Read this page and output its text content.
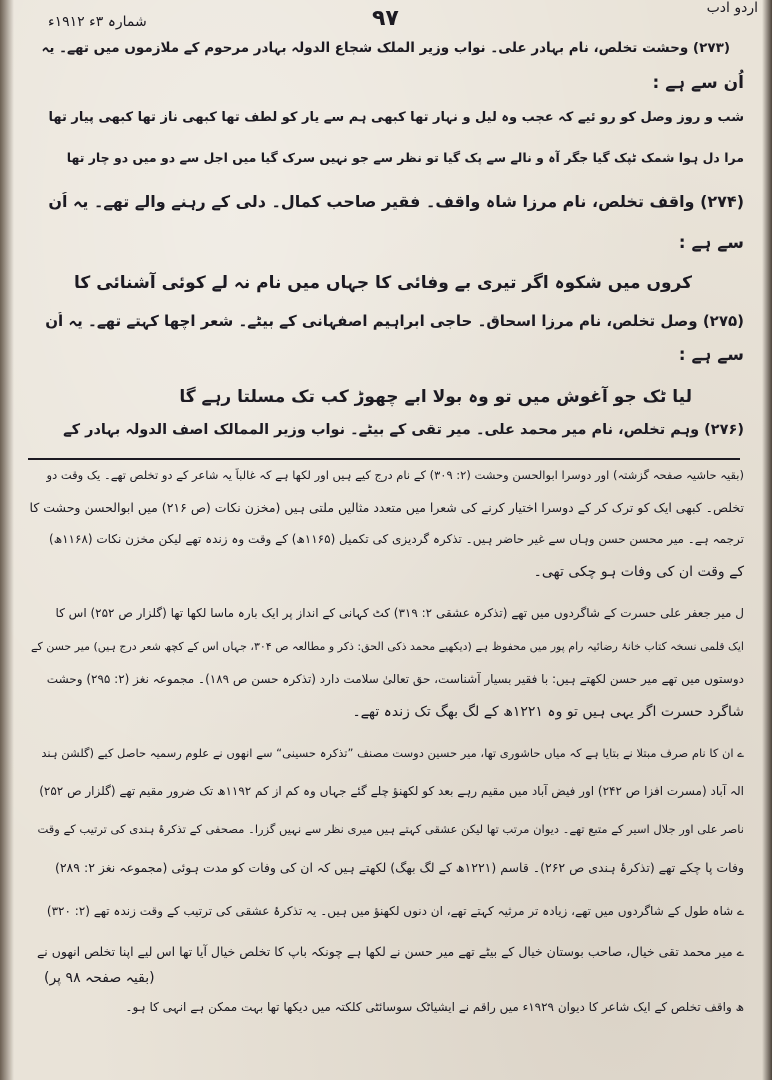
اردو ادب
شمارہ ۳ء ۱۹۱۲ء	۹۷
(۲۷۳) وحشت تخلص، نام بہادر علی۔ نواب وزیر الملک شجاع الدولہ بہادر مرحوم کے ملازموں میں تھے۔ یہ
اُن سے ہے :
شب و روز وصل کو رو ئیے کہ عجب وہ لیل و نہار تھا کبھی ہم سے یار کو لطف تھا کبھی ناز تھا کبھی پیار تھا
مرا دل ہوا شمک ٹپک گیا جگر آہ و نالے سے پک گیا تو نظر سے جو نہیں سرک گیا میں اجل سے دو میں دو چار تھا
(۲۷۴) واقف تخلص، نام مرزا شاہ واقف۔ فقیر صاحب کمال۔ دلی کے رہنے والے تھے۔ یہ اُن
سے ہے :
کروں میں شکوہ اگر تیری بے وفائی کا جہاں میں نام نہ لے کوئی آشنائی کا
(۲۷۵) وصل تخلص، نام مرزا اسحاق۔ حاجی ابراہیم اصفہانی کے بیٹے۔ شعر اچھا کہتے تھے۔ یہ اُن
سے ہے :
لیا ٹک جو آغوش میں تو وہ بولا ابے چھوڑ کب تک مسلتا رہے گا
(۲۷۶) وہم تخلص، نام میر محمد علی۔ میر تقی کے بیٹے۔ نواب وزیر الممالک آصف الدولہ بہادر کے
(بقیہ حاشیہ صفحہ گزشتہ) اور دوسرا ابوالحسن وحشت (۲: ۳۰۹) کے نام درج کیے ہیں اور لکھا ہے کہ غالباً یہ شاعر کے دو تخلص تھے۔ یک وقت دو
تخلص۔ کبھی ایک کو ترک کر کے دوسرا اختیار کرنے کی شعرا میں متعدد مثالیں ملتی ہیں (مخزن نکات (ص ۲۱۶) میں ابوالحسن وحشت کا
ترجمہ ہے۔ میر محسن حسن وہاں سے غیر حاضر ہیں۔ تذکرہ گردیزی کی تکمیل (۱۱۶۵ھ) کے وقت وہ زندہ تھے لیکن مخزن نکات (۱۱۶۸ھ)
کے وقت ان کی وفات ہو چکی تھی۔
ل میر جعفر علی حسرت کے شاگردوں میں تھے (تذکرہ عشقی ۲: ۳۱۹) کٹ کہانی کے انداز پر ایک بارہ ماسا لکھا تھا (گلزار ص ۲۵۲) اس کا
ایک قلمی نسخہ کتاب خانۂ رضائیہ رام پور میں محفوظ ہے (دیکھیے محمد ذکی الحق: ذکر و مطالعہ ص ۳۰۴، جہاں اس کے کچھ شعر درج ہیں) میر حسن کے
دوستوں میں تھے میر حسن لکھتے ہیں: با فقیر بسیار آشناست، حق تعالیٰ سلامت دارد (تذکرہ حسن ص ۱۸۹)۔ مجموعہ نغز (۲: ۲۹۵) وحشت
شاگرد حسرت اگر یہی ہیں تو وہ ۱۲۲۱ھ کے لگ بھگ تک زندہ تھے۔
ے ان کا نام صرف مبتلا نے بتایا ہے کہ میاں حاشوری تھا، میر حسین دوست مصنف ”تذکرہ حسینی“ سے انھوں نے علوم رسمیہ حاصل کیے (گلشن ہند
الہ آباد (مسرت افزا ص ۲۴۲) اور فیض آباد میں مقیم رہے بعد کو لکھنؤ چلے گئے جہاں وہ کم از کم ۱۱۹۲ھ تک ضرور مقیم تھے (گلزار ص ۲۵۲)
ناصر علی اور جلال اسیر کے متبع تھے۔ دیوان مرتب تھا لیکن عشقی کہتے ہیں میری نظر سے نہیں گزرا۔ مصحفی کے تذکرۂ ہندی کی ترتیب کے وقت
وفات پا چکے تھے (تذکرۂ ہندی ص ۲۶۲)۔ قاسم (۱۲۲۱ھ کے لگ بھگ) لکھتے ہیں کہ ان کی وفات کو مدت ہوئی (مجموعہ نغز ۲: ۲۸۹)
ے شاہ طول کے شاگردوں میں تھے، زیادہ تر مرثیہ کہتے تھے، ان دنوں لکھنؤ میں ہیں۔ یہ تذکرۂ عشقی کی ترتیب کے وقت زندہ تھے (۲: ۳۲۰)
ے میر محمد تقی خیال، صاحب بوستان خیال کے بیٹے تھے میر حسن نے لکھا ہے چونکہ باپ کا تخلص خیال آیا تھا اس لیے اپنا تخلص انھوں نے
ھ واقف تخلص کے ایک شاعر کا دیوان ۱۹۲۹ء میں راقم نے ایشیاٹک سوسائٹی کلکتہ میں دیکھا تھا بہت ممکن ہے انہی کا ہو۔
(بقیہ صفحہ ۹۸ پر)
